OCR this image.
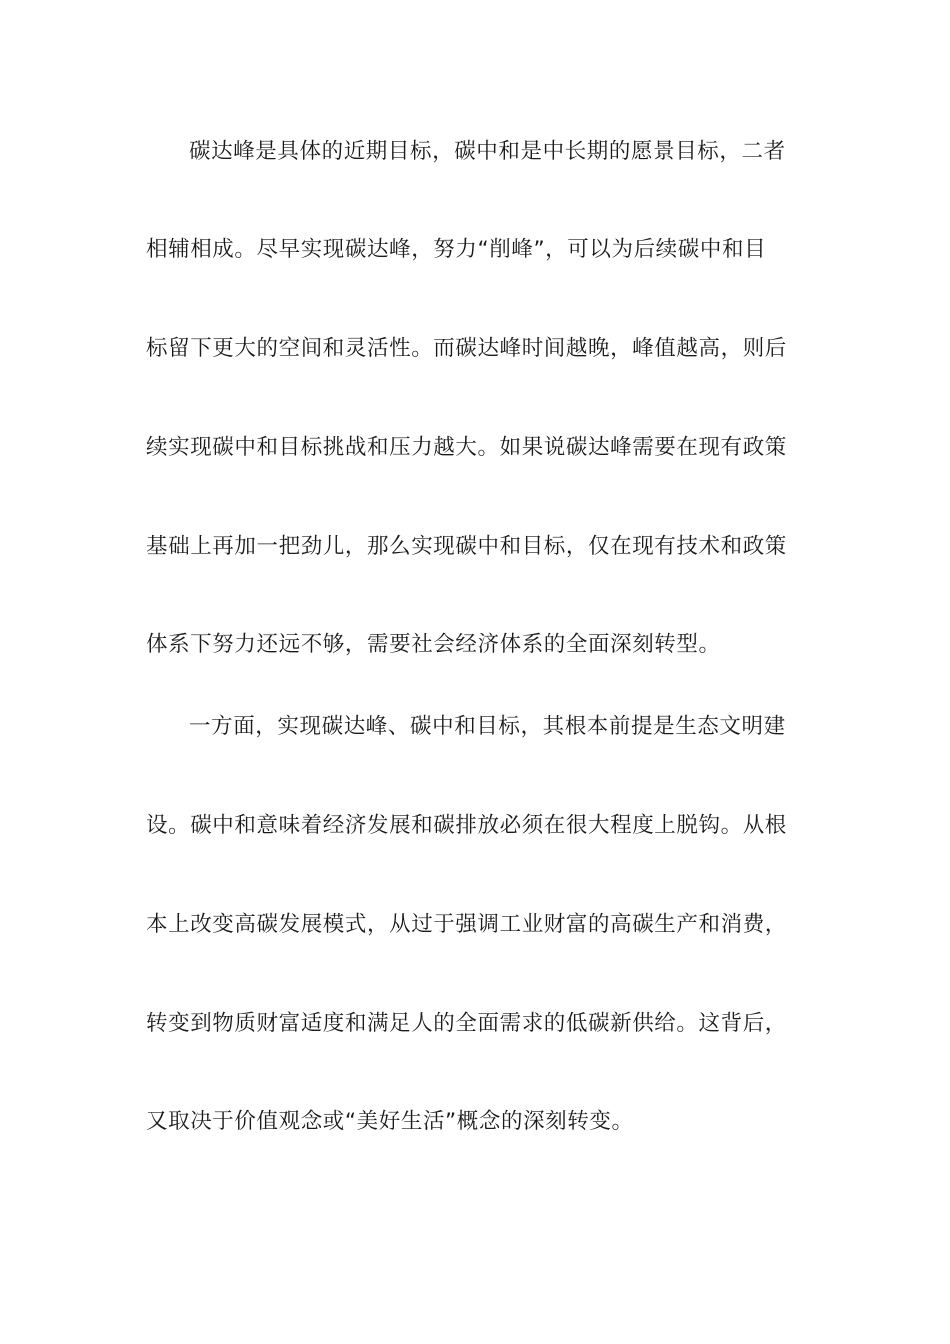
碳达峰是具体的近期目标，碳中和是中长期的愿景目标，二者
相辅相成。尽早实现碳达峰，努力“削峰”，可以为后续碳中和目
标留下更大的空间和灵活性。而碳达峰时间越晚，峰值越高，则后
续实现碳中和目标挑战和压力越大。如果说碳达峰需要在现有政策
基础上再加一把劲儿，那么实现碳中和目标，仅在现有技术和政策
体系下努力还远不够，需要社会经济体系的全面深刻转型。
一方面，实现碳达峰、碳中和目标，其根本前提是生态文明建
设。碳中和意味着经济发展和碳排放必须在很大程度上脱钩。从根
本上改变高碳发展模式，从过于强调工业财富的高碳生产和消费，
转变到物质财富适度和满足人的全面需求的低碳新供给。这背后，
又取决于价值观念或“美好生活”概念的深刻转变。
